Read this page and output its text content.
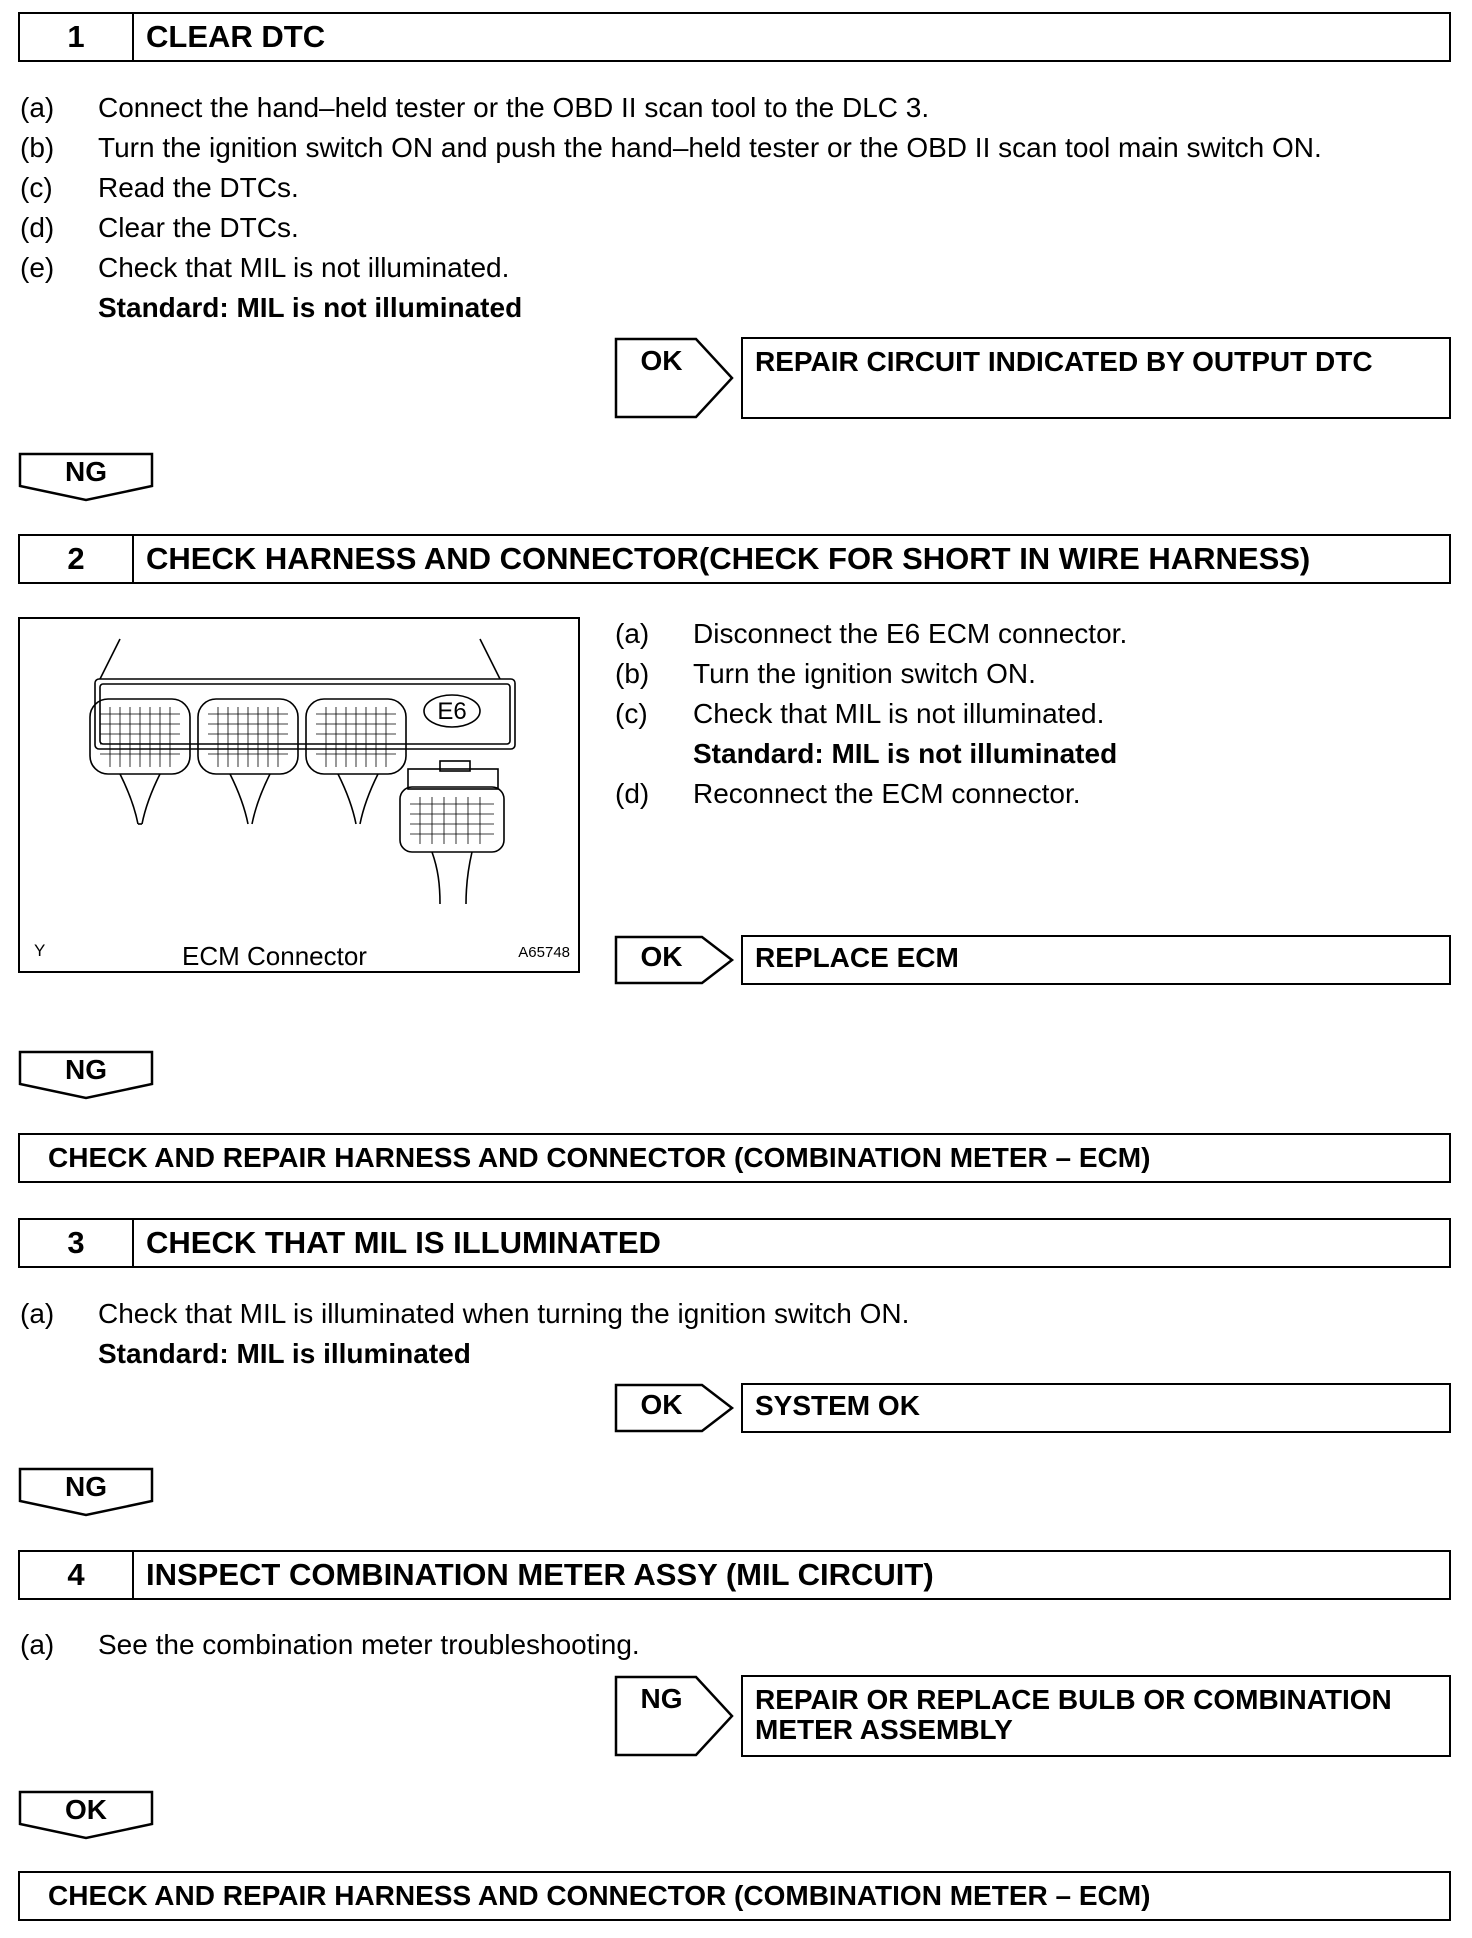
1	CLEAR DTC
(a) Connect the hand–held tester or the OBD II scan tool to the DLC 3.
(b) Turn the ignition switch ON and push the hand–held tester or the OBD II scan tool main switch ON.
(c) Read the DTCs.
(d) Clear the DTCs.
(e) Check that MIL is not illuminated.
Standard: MIL is not illuminated
OK	REPAIR CIRCUIT INDICATED BY OUTPUT DTC
NG
2	CHECK HARNESS AND CONNECTOR(CHECK FOR SHORT IN WIRE HARNESS)
E6
ECM Connector
Y	A65748
(a) Disconnect the E6 ECM connector.
(b) Turn the ignition switch ON.
(c) Check that MIL is not illuminated.
Standard: MIL is not illuminated
(d) Reconnect the ECM connector.
OK	REPLACE ECM
NG
CHECK AND REPAIR HARNESS AND CONNECTOR (COMBINATION METER – ECM)
3	CHECK THAT MIL IS ILLUMINATED
(a) Check that MIL is illuminated when turning the ignition switch ON.
Standard: MIL is illuminated
OK	SYSTEM OK
NG
4	INSPECT COMBINATION METER ASSY (MIL CIRCUIT)
(a) See the combination meter troubleshooting.
NG	REPAIR OR REPLACE BULB OR COMBINATION
METER ASSEMBLY
OK
CHECK AND REPAIR HARNESS AND CONNECTOR (COMBINATION METER – ECM)
